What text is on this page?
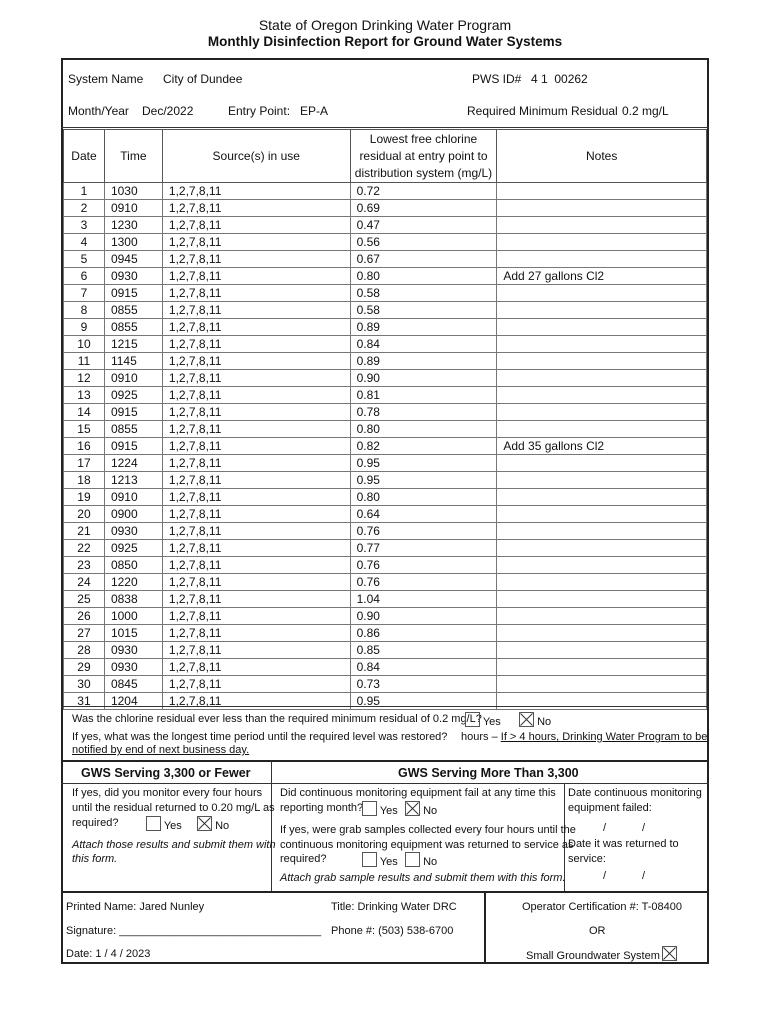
State of Oregon Drinking Water Program
Monthly Disinfection Report for Ground Water Systems
System Name City of Dundee	PWS ID# 4 1  00262
Month/Year Dec/2022	Entry Point: EP-A	Required Minimum Residual 0.2 mg/L
Date	Time	Source(s) in use	Lowest free chlorine residual at entry point to distribution system (mg/L)	Notes
1	1030	1,2,7,8,11	0.72	
2	0910	1,2,7,8,11	0.69	
3	1230	1,2,7,8,11	0.47	
4	1300	1,2,7,8,11	0.56	
5	0945	1,2,7,8,11	0.67	
6	0930	1,2,7,8,11	0.80	Add 27 gallons Cl2
7	0915	1,2,7,8,11	0.58	
8	0855	1,2,7,8,11	0.58	
9	0855	1,2,7,8,11	0.89	
10	1215	1,2,7,8,11	0.84	
11	1145	1,2,7,8,11	0.89	
12	0910	1,2,7,8,11	0.90	
13	0925	1,2,7,8,11	0.81	
14	0915	1,2,7,8,11	0.78	
15	0855	1,2,7,8,11	0.80	
16	0915	1,2,7,8,11	0.82	Add 35 gallons Cl2
17	1224	1,2,7,8,11	0.95	
18	1213	1,2,7,8,11	0.95	
19	0910	1,2,7,8,11	0.80	
20	0900	1,2,7,8,11	0.64	
21	0930	1,2,7,8,11	0.76	
22	0925	1,2,7,8,11	0.77	
23	0850	1,2,7,8,11	0.76	
24	1220	1,2,7,8,11	0.76	
25	0838	1,2,7,8,11	1.04	
26	1000	1,2,7,8,11	0.90	
27	1015	1,2,7,8,11	0.86	
28	0930	1,2,7,8,11	0.85	
29	0930	1,2,7,8,11	0.84	
30	0845	1,2,7,8,11	0.73	
31	1204	1,2,7,8,11	0.95	
Was the chlorine residual ever less than the required minimum residual of 0.2 mg/L? Yes	No
If yes, what was the longest time period until the required level was restored? hours – If > 4 hours, Drinking Water Program to be
notified by end of next business day.
GWS Serving 3,300 or Fewer
If yes, did you monitor every four hours
until the residual returned to 0.20 mg/L as
required?	Yes	No
Attach those results and submit them with
this form.
GWS Serving More Than 3,300
Did continuous monitoring equipment fail at any time this
reporting month?	Yes	No
If yes, were grab samples collected every four hours until the
continuous monitoring equipment was returned to service as
required?	Yes	No
Attach grab sample results and submit them with this form.
Date continuous monitoring
equipment failed:
/	/
Date it was returned to
service:
/	/
Printed Name: Jared Nunley	Title: Drinking Water DRC	Operator Certification #: T-08400
Signature: _________________________________ Phone #: (503) 538-6700	OR
Date: 1 / 4 / 2023	Small Groundwater System
